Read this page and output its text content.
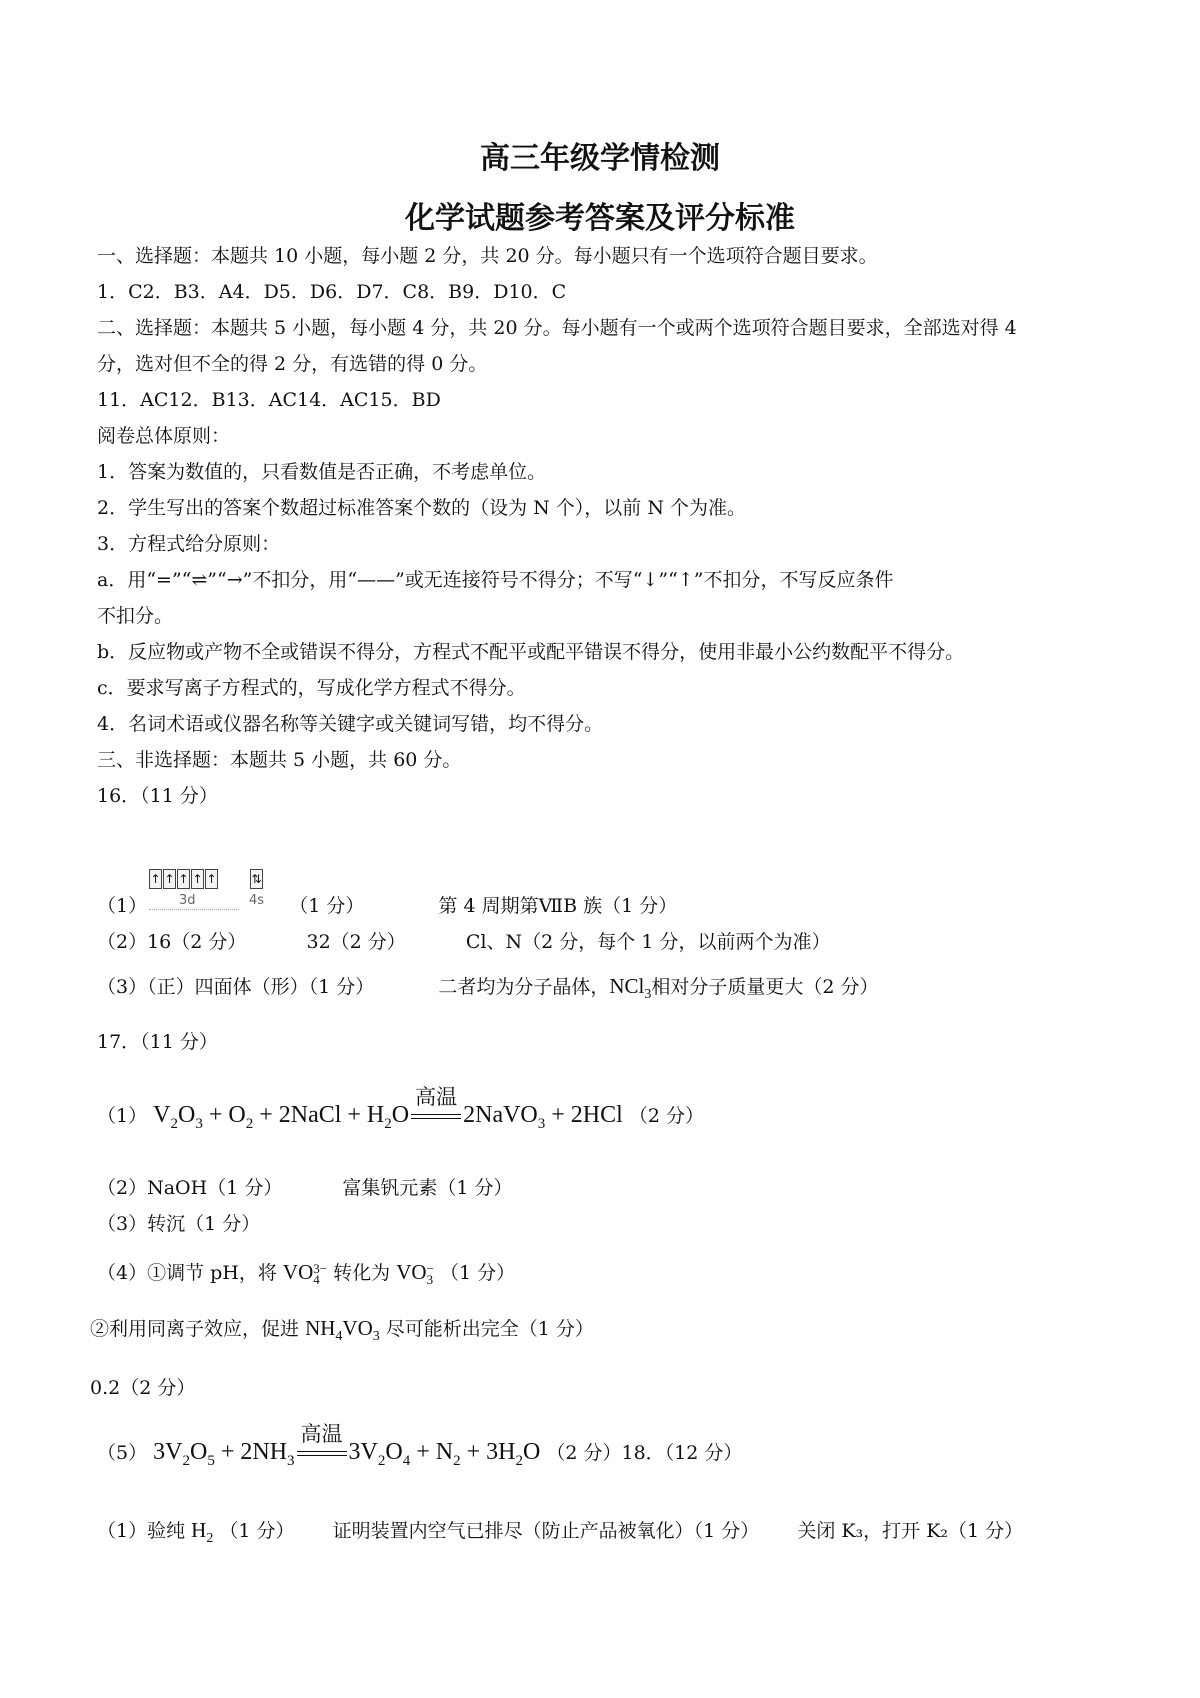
高三年级学情检测
化学试题参考答案及评分标准
一、选择题：本题共 10 小题，每小题 2 分，共 20 分。每小题只有一个选项符合题目要求。
1．C2．B3．A4．D5．D6．D7．C8．B9．D10．C
二、选择题：本题共 5 小题，每小题 4 分，共 20 分。每小题有一个或两个选项符合题目要求，全部选对得 4
分，选对但不全的得 2 分，有选错的得 0 分。
11．AC12．B13．AC14．AC15．BD
阅卷总体原则：
1．答案为数值的，只看数值是否正确，不考虑单位。
2．学生写出的答案个数超过标准答案个数的（设为 N 个），以前 N 个为准。
3．方程式给分原则：
a．用“=”“⇌”“→”不扣分，用“——”或无连接符号不得分；不写“↓”“↑”不扣分，不写反应条件
不扣分。
b．反应物或产物不全或错误不得分，方程式不配平或配平错误不得分，使用非最小公约数配平不得分。
c．要求写离子方程式的，写成化学方程式不得分。
4．名词术语或仪器名称等关键字或关键词写错，均不得分。
三、非选择题：本题共 5 小题，共 60 分。
16．（11 分）
↑ ↑ ↑ ↑ ↑	⇅
3d	4s
（1）	（1 分）	第 4 周期第ⅦB 族（1 分）
（2）16（2 分）	32（2 分）	Cl、N（2 分，每个 1 分，以前两个为准）
（3）（正）四面体（形）（1 分）	二者均为分子晶体，NCl$_3$相对分子质量更大（2 分）
17．（11 分）
（1） $V_2O_3 + O_2$ + 2NaCl + $H_2O$
高温
2NaVO$_3$ + 2HCl （2 分）
（2）NaOH（1 分）	富集钒元素（1 分）
（3）转沉（1 分）
（4）①调节 pH，将 VO 3−
4 转化为 VO −
3 （1 分）
②利用同离子效应，促进 $NH_4VO_3$ 尽可能析出完全（1 分）
0.2（2 分）
（5） $3V_2O_5 + 2NH_3$
高温
$3V_2O_4 + N_2 + 3H_2O$ （2 分）18．（12 分）
（1）验纯 $H_2$ （1 分） 证明装置内空气已排尽（防止产品被氧化）（1 分） 关闭 K₃，打开 K₂（1 分）
